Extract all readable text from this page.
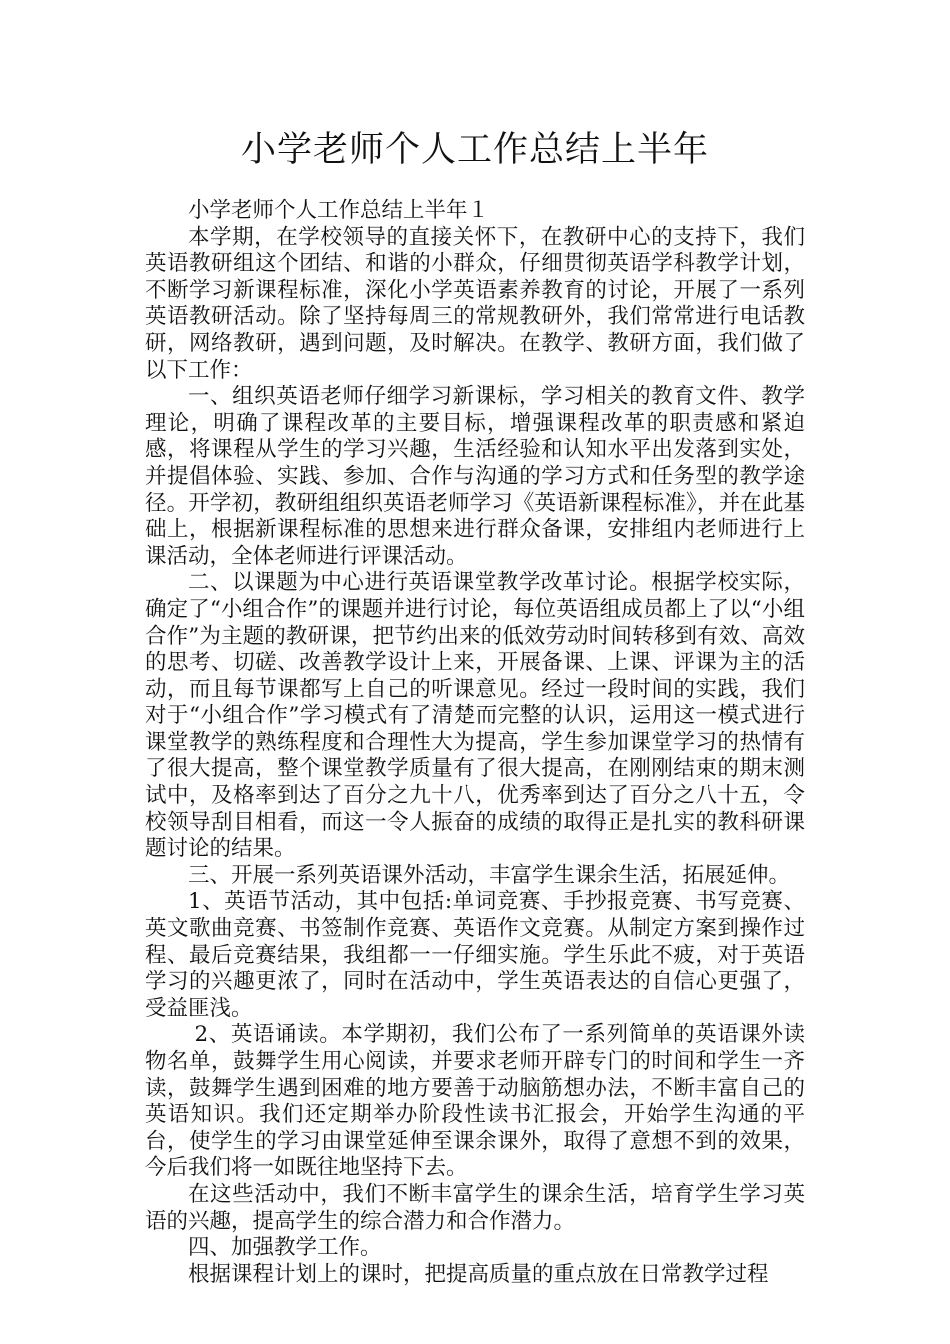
小学老师个人工作总结上半年

小学老师个人工作总结上半年１

本学期，在学校领导的直接关怀下，在教研中心的支持下，我们英语教研组这个团结、和谐的小群众，仔细贯彻英语学科教学计划，不断学习新课程标准，深化小学英语素养教育的讨论，开展了一系列英语教研活动。除了坚持每周三的常规教研外，我们常常进行电话教研，网络教研，遇到问题，及时解决。在教学、教研方面，我们做了以下工作：

一、组织英语老师仔细学习新课标，学习相关的教育文件、教学理论，明确了课程改革的主要目标，增强课程改革的职责感和紧迫感，将课程从学生的学习兴趣，生活经验和认知水平出发落到实处，并提倡体验、实践、参加、合作与沟通的学习方式和任务型的教学途径。开学初，教研组组织英语老师学习《英语新课程标准》，并在此基础上，根据新课程标准的思想来进行群众备课，安排组内老师进行上课活动，全体老师进行评课活动。

二、以课题为中心进行英语课堂教学改革讨论。根据学校实际，确定了“小组合作”的课题并进行讨论，每位英语组成员都上了以“小组合作”为主题的教研课，把节约出来的低效劳动时间转移到有效、高效的思考、切磋、改善教学设计上来，开展备课、上课、评课为主的活动，而且每节课都写上自己的听课意见。经过一段时间的实践，我们对于“小组合作”学习模式有了清楚而完整的认识，运用这一模式进行课堂教学的熟练程度和合理性大为提高，学生参加课堂学习的热情有了很大提高，整个课堂教学质量有了很大提高，在刚刚结束的期末测试中，及格率到达了百分之九十八，优秀率到达了百分之八十五，令校领导刮目相看，而这一令人振奋的成绩的取得正是扎实的教科研课题讨论的结果。

三、开展一系列英语课外活动，丰富学生课余生活，拓展延伸。

1、英语节活动，其中包括:单词竞赛、手抄报竞赛、书写竞赛、英文歌曲竞赛、书签制作竞赛、英语作文竞赛。从制定方案到操作过程、最后竞赛结果，我组都一一仔细实施。学生乐此不疲，对于英语学习的兴趣更浓了，同时在活动中，学生英语表达的自信心更强了，受益匪浅。

2、英语诵读。本学期初，我们公布了一系列简单的英语课外读物名单，鼓舞学生用心阅读，并要求老师开辟专门的时间和学生一齐读，鼓舞学生遇到困难的地方要善于动脑筋想办法，不断丰富自己的英语知识。我们还定期举办阶段性读书汇报会，开始学生沟通的平台，使学生的学习由课堂延伸至课余课外，取得了意想不到的效果，今后我们将一如既往地坚持下去。

在这些活动中，我们不断丰富学生的课余生活，培育学生学习英语的兴趣，提高学生的综合潜力和合作潜力。

四、加强教学工作。

根据课程计划上的课时，把提高质量的重点放在日常教学过程
